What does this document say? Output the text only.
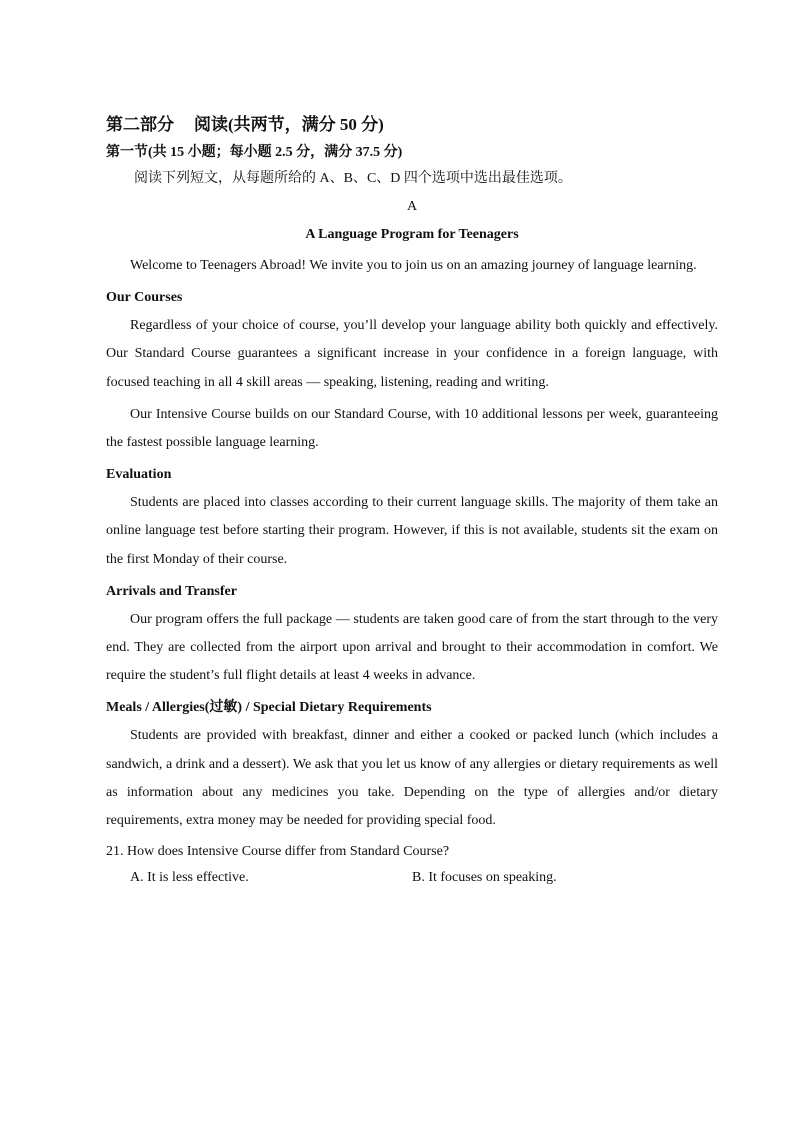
第二部分 阅读(共两节，满分 50 分)

第一节(共 15 小题；每小题 2.5 分，满分 37.5 分)

阅读下列短文，从每题所给的 A、B、C、D 四个选项中选出最佳选项。

A

A Language Program for Teenagers

Welcome to Teenagers Abroad! We invite you to join us on an amazing journey of language learning.

Our Courses

Regardless of your choice of course, you’ll develop your language ability both quickly and effectively. Our Standard Course guarantees a significant increase in your confidence in a foreign language, with focused teaching in all 4 skill areas — speaking, listening, reading and writing.

Our Intensive Course builds on our Standard Course, with 10 additional lessons per week, guaranteeing the fastest possible language learning.

Evaluation

Students are placed into classes according to their current language skills. The majority of them take an online language test before starting their program. However, if this is not available, students sit the exam on the first Monday of their course.

Arrivals and Transfer

Our program offers the full package — students are taken good care of from the start through to the very end. They are collected from the airport upon arrival and brought to their accommodation in comfort. We require the student’s full flight details at least 4 weeks in advance.

Meals / Allergies(过敏) / Special Dietary Requirements

Students are provided with breakfast, dinner and either a cooked or packed lunch (which includes a sandwich, a drink and a dessert). We ask that you let us know of any allergies or dietary requirements as well as information about any medicines you take. Depending on the type of allergies and/or dietary requirements, extra money may be needed for providing special food.

21. How does Intensive Course differ from Standard Course?

A. It is less effective.	B. It focuses on speaking.
